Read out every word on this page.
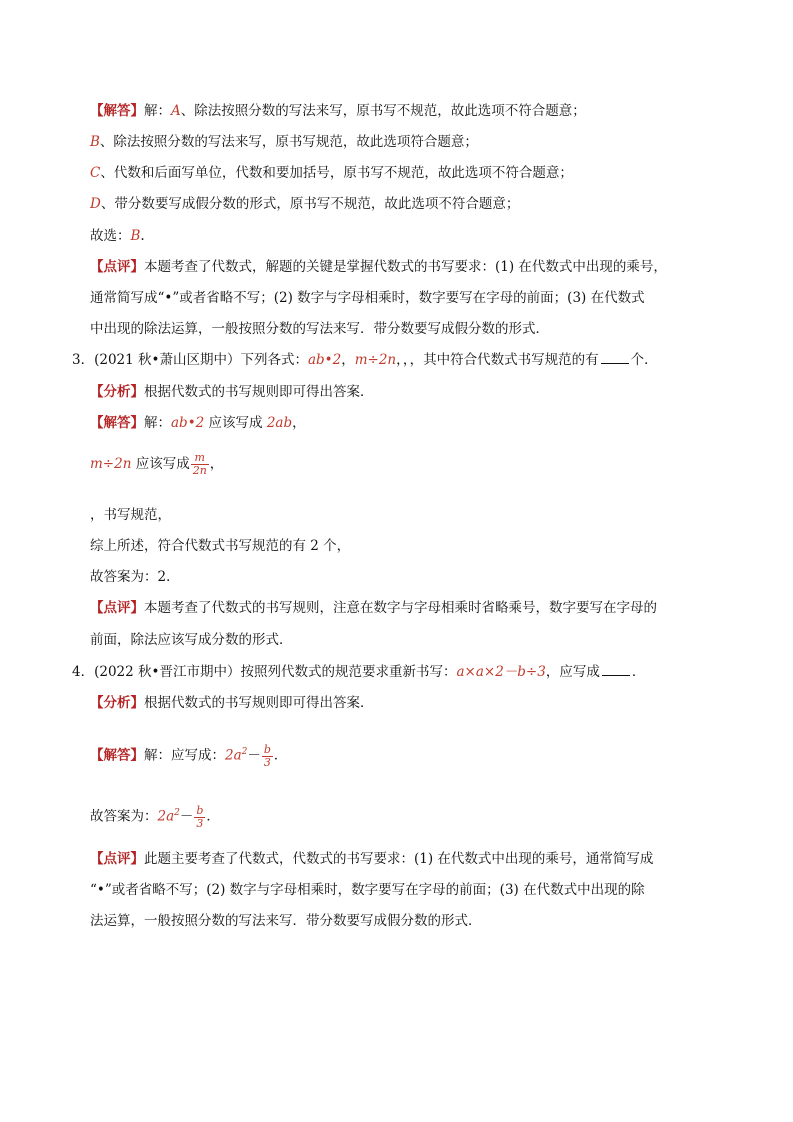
【解答】解：A、除法按照分数的写法来写，原书写不规范，故此选项不符合题意；
B、除法按照分数的写法来写，原书写规范，故此选项符合题意；
C、代数和后面写单位，代数和要加括号，原书写不规范，故此选项不符合题意；
D、带分数要写成假分数的形式，原书写不规范，故此选项不符合题意；
故选：B.
【点评】本题考查了代数式，解题的关键是掌握代数式的书写要求：(1) 在代数式中出现的乘号，
通常简写成“•”或者省略不写；(2) 数字与字母相乘时，数字要写在字母的前面；(3) 在代数式
中出现的除法运算，一般按照分数的写法来写．带分数要写成假分数的形式．
3．(2021 秋•萧山区期中）下列各式：ab•2，m÷2n，，，其中符合代数式书写规范的有 个．
【分析】根据代数式的书写规则即可得出答案．
【解答】解：ab•2 应该写成 2ab，
m÷2n 应该写成 $\frac{m}{2n}$ ，
，书写规范，
综上所述，符合代数式书写规范的有 2 个，
故答案为：2．
【点评】本题考查了代数式的书写规则，注意在数字与字母相乘时省略乘号，数字要写在字母的
前面，除法应该写成分数的形式．
4．(2022 秋•晋江市期中）按照列代数式的规范要求重新书写：a×a×2－b÷3，应写成 ．
【分析】根据代数式的书写规则即可得出答案．
【解答】解：应写成：$2a^2- \frac{b}{3}$ ．
故答案为：$2a^2- \frac{b}{3}$ ．
【点评】此题主要考查了代数式，代数式的书写要求：(1) 在代数式中出现的乘号，通常简写成
“•”或者省略不写；(2) 数字与字母相乘时，数字要写在字母的前面；(3) 在代数式中出现的除
法运算，一般按照分数的写法来写．带分数要写成假分数的形式．
